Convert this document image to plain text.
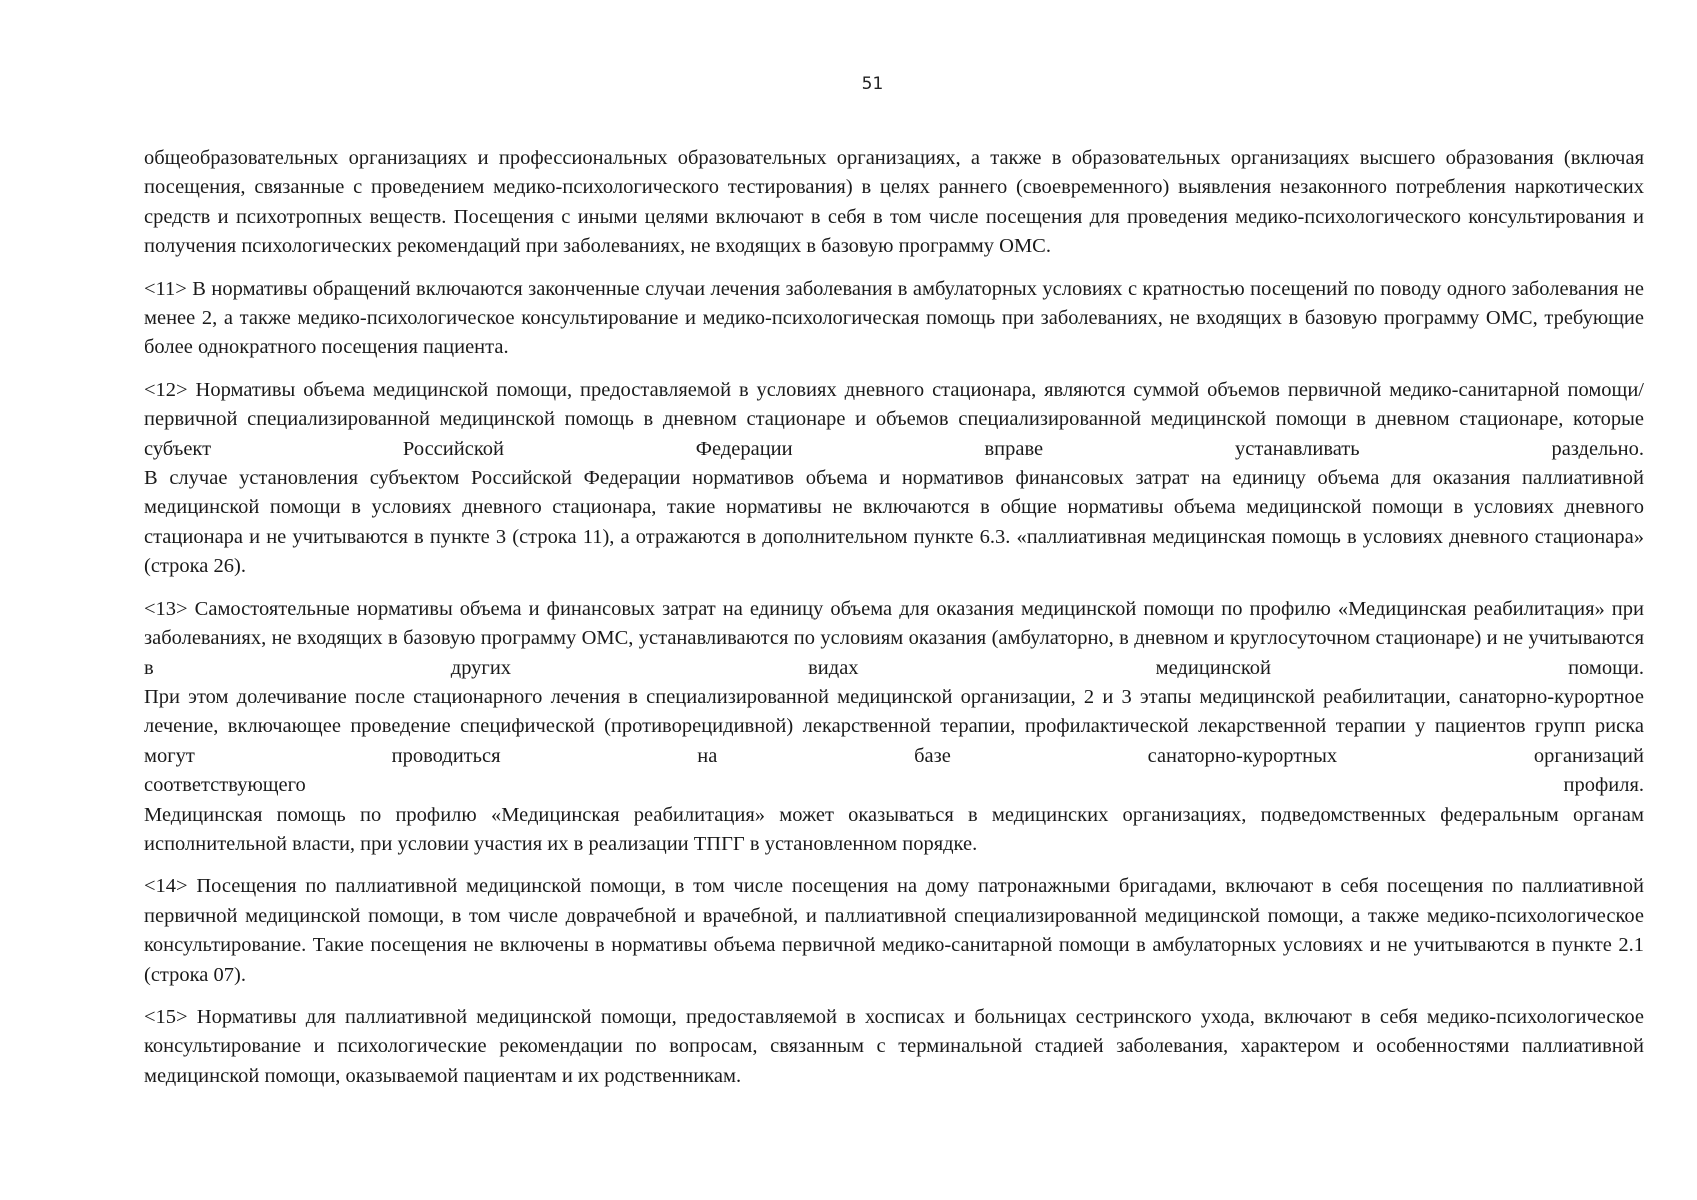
51

общеобразовательных организациях и профессиональных образовательных организациях, а также в образовательных организациях высшего образования (включая посещения, связанные с проведением медико-психологического тестирования) в целях раннего (своевременного) выявления незаконного потребления наркотических средств и психотропных веществ. Посещения с иными целями включают в себя в том числе посещения для проведения медико-психологического консультирования и получения психологических рекомендаций при заболеваниях, не входящих в базовую программу ОМС.

<11> В нормативы обращений включаются законченные случаи лечения заболевания в амбулаторных условиях с кратностью посещений по поводу одного заболевания не менее 2, а также медико-психологическое консультирование и медико-психологическая помощь при заболеваниях, не входящих в базовую программу ОМС, требующие более однократного посещения пациента.

<12> Нормативы объема медицинской помощи, предоставляемой в условиях дневного стационара, являются суммой объемов первичной медико-санитарной помощи/первичной специализированной медицинской помощь в дневном стационаре и объемов специализированной медицинской помощи в дневном стационаре, которые субъект Российской Федерации вправе устанавливать раздельно.
В случае установления субъектом Российской Федерации нормативов объема и нормативов финансовых затрат на единицу объема для оказания паллиативной медицинской помощи в условиях дневного стационара, такие нормативы не включаются в общие нормативы объема медицинской помощи в условиях дневного стационара и не учитываются в пункте 3 (строка 11), а отражаются в дополнительном пункте 6.3. «паллиативная медицинская помощь в условиях дневного стационара» (строка 26).
<13> Самостоятельные нормативы объема и финансовых затрат на единицу объема для оказания медицинской помощи по профилю «Медицинская реабилитация» при заболеваниях, не входящих в базовую программу ОМС, устанавливаются по условиям оказания (амбулаторно, в дневном и круглосуточном стационаре) и не учитываются в других видах медицинской помощи.
При этом долечивание после стационарного лечения в специализированной медицинской организации, 2 и 3 этапы медицинской реабилитации, санаторно-курортное лечение, включающее проведение специфической (противорецидивной) лекарственной терапии, профилактической лекарственной терапии у пациентов групп риска могут проводиться на базе санаторно-курортных организаций
соответствующего	профиля.
Медицинская помощь по профилю «Медицинская реабилитация» может оказываться в медицинских организациях, подведомственных федеральным органам исполнительной власти, при условии участия их в реализации ТПГГ в установленном порядке.

<14> Посещения по паллиативной медицинской помощи, в том числе посещения на дому патронажными бригадами, включают в себя посещения по паллиативной первичной медицинской помощи, в том числе доврачебной и врачебной, и паллиативной специализированной медицинской помощи, а также медико-психологическое консультирование. Такие посещения не включены в нормативы объема первичной медико-санитарной помощи в амбулаторных условиях и не учитываются в пункте 2.1 (строка 07).

<15> Нормативы для паллиативной медицинской помощи, предоставляемой в хосписах и больницах сестринского ухода, включают в себя медико-психологическое консультирование и психологические рекомендации по вопросам, связанным с терминальной стадией заболевания, характером и особенностями паллиативной медицинской помощи, оказываемой пациентам и их родственникам.
